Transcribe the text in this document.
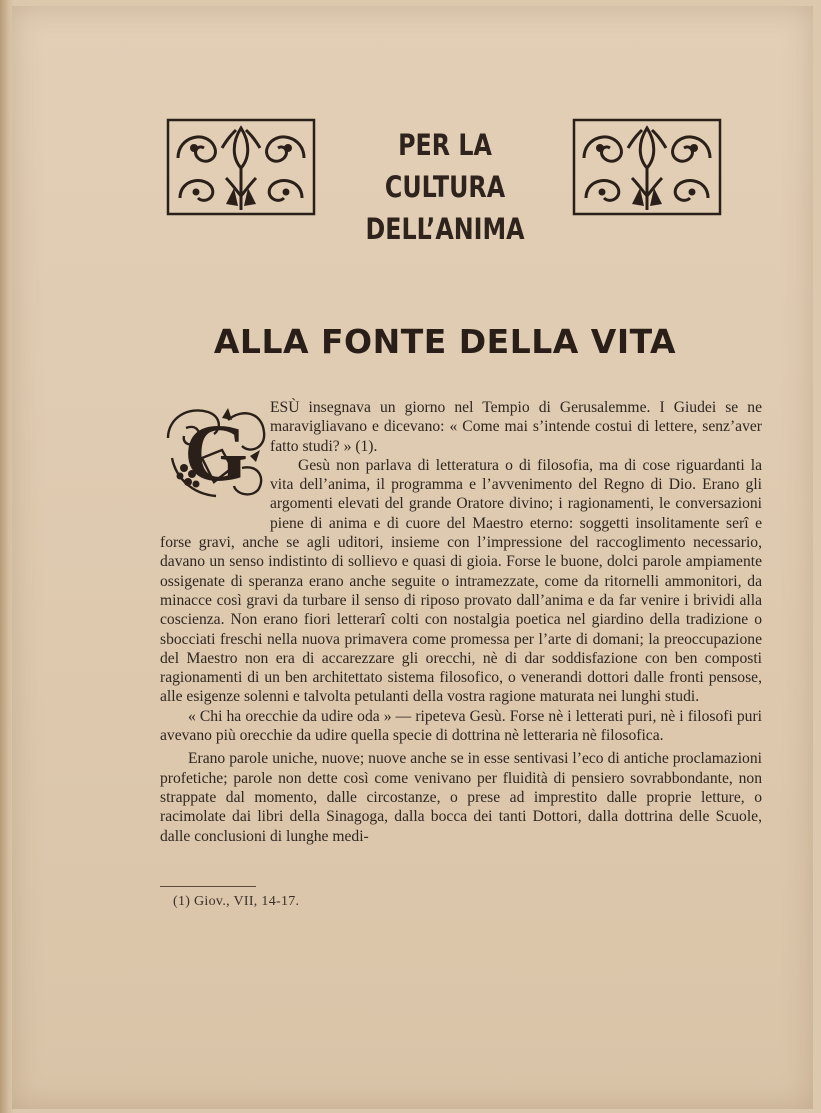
PER LA CULTURA
DELL’ANIMA
ALLA FONTE DELLA VITA
G	ESÙ insegnava un giorno nel Tempio di Gerusalemme. I Giudei se ne maravigliavano e dicevano: « Come mai s’intende costui di lettere, senz’aver fatto studi? » (1).

Gesù non parlava di letteratura o di filosofia, ma di cose riguardanti la vita dell’anima, il programma e l’avvenimento del Regno di Dio. Erano gli argomenti elevati del grande Oratore divino; i ragionamenti, le conversazioni piene di anima e di cuore del Maestro eterno: soggetti insolitamente serî e forse gravi, anche se agli uditori, insieme con l’impressione del raccoglimento necessario, davano un senso indistinto di sollievo e quasi di gioia. Forse le buone, dolci parole ampiamente ossigenate di speranza erano anche seguite o intramezzate, come da ritornelli ammonitori, da minacce così gravi da turbare il senso di riposo provato dall’anima e da far venire i brividi alla coscienza. Non erano fiori letterarî colti con nostalgia poetica nel giardino della tradizione o sbocciati freschi nella nuova primavera come promessa per l’arte di domani; la preoccupazione del Maestro non era di accarezzare gli orecchi, nè di dar soddisfazione con ben composti ragionamenti di un ben architettato sistema filosofico, o venerandi dottori dalle fronti pensose, alle esigenze solenni e talvolta petulanti della vostra ragione maturata nei lunghi studi.

« Chi ha orecchie da udire oda » — ripeteva Gesù. Forse nè i letterati puri, nè i filosofi puri avevano più orecchie da udire quella specie di dottrina nè letteraria nè filosofica.

Erano parole uniche, nuove; nuove anche se in esse sentivasi l’eco di antiche proclamazioni profetiche; parole non dette così come venivano per fluidità di pensiero sovrabbondante, non strappate dal momento, dalle circostanze, o prese ad imprestito dalle proprie letture, o racimolate dai libri della Sinagoga, dalla bocca dei tanti Dottori, dalla dottrina delle Scuole, dalle conclusioni di lunghe medi-

(1) Giov., VII, 14-17.
